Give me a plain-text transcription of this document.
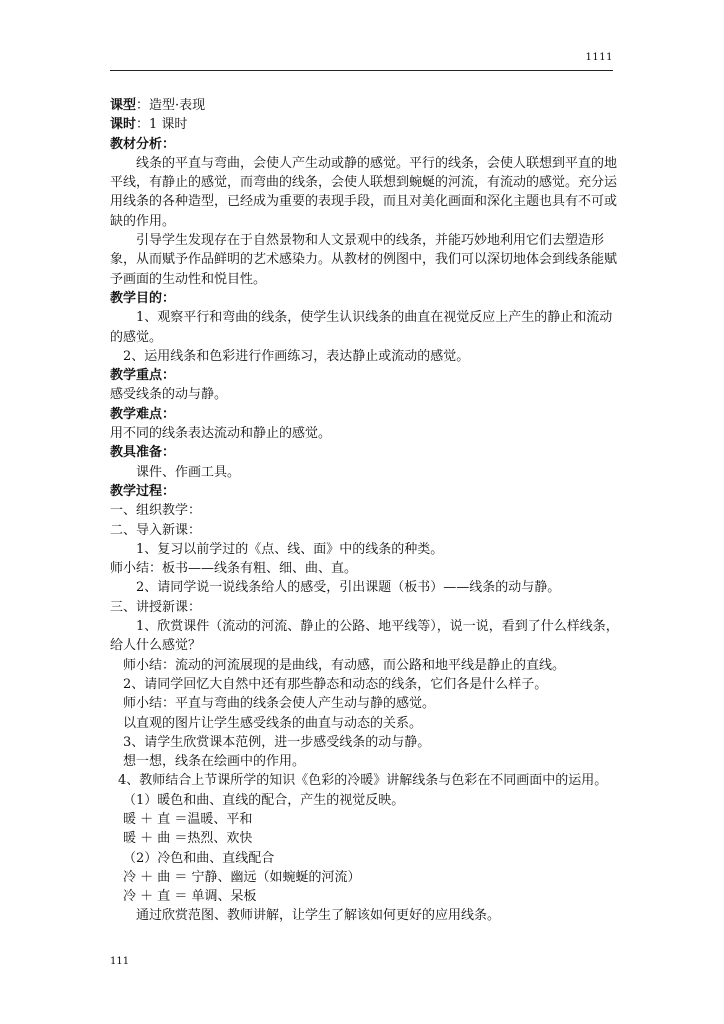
1111
课型：造型·表现
课时：1 课时
教材分析：
线条的平直与弯曲，会使人产生动或静的感觉。平行的线条，会使人联想到平直的地平线，有静止的感觉，而弯曲的线条，会使人联想到蜿蜒的河流，有流动的感觉。充分运用线条的各种造型，已经成为重要的表现手段，而且对美化画面和深化主题也具有不可或缺的作用。
引导学生发现存在于自然景物和人文景观中的线条，并能巧妙地利用它们去塑造形象，从而赋予作品鲜明的艺术感染力。从教材的例图中，我们可以深切地体会到线条能赋予画面的生动性和悦目性。
教学目的：
1、观察平行和弯曲的线条，使学生认识线条的曲直在视觉反应上产生的静止和流动的感觉。
2、运用线条和色彩进行作画练习，表达静止或流动的感觉。
教学重点：
感受线条的动与静。
教学难点：
用不同的线条表达流动和静止的感觉。
教具准备：
课件、作画工具。
教学过程：
一、组织教学：
二、导入新课：
1、复习以前学过的《点、线、面》中的线条的种类。
师小结：板书——线条有粗、细、曲、直。
2、请同学说一说线条给人的感受，引出课题（板书）——线条的动与静。
三、讲授新课：
1、欣赏课件（流动的河流、静止的公路、地平线等），说一说，看到了什么样线条，给人什么感觉？
师小结：流动的河流展现的是曲线，有动感，而公路和地平线是静止的直线。
2、请同学回忆大自然中还有那些静态和动态的线条，它们各是什么样子。
师小结：平直与弯曲的线条会使人产生动与静的感觉。
以直观的图片让学生感受线条的曲直与动态的关系。
3、请学生欣赏课本范例，进一步感受线条的动与静。
想一想，线条在绘画中的作用。
4、教师结合上节课所学的知识《色彩的冷暖》讲解线条与色彩在不同画面中的运用。
（1）暖色和曲、直线的配合，产生的视觉反映。
暖 ＋ 直 ＝温暖、平和
暖 ＋ 曲 ＝热烈、欢快
（2）冷色和曲、直线配合
冷 ＋ 曲 ＝ 宁静、幽远（如蜿蜒的河流）
冷 ＋ 直 ＝ 单调、呆板
通过欣赏范图、教师讲解，让学生了解该如何更好的应用线条。
111
